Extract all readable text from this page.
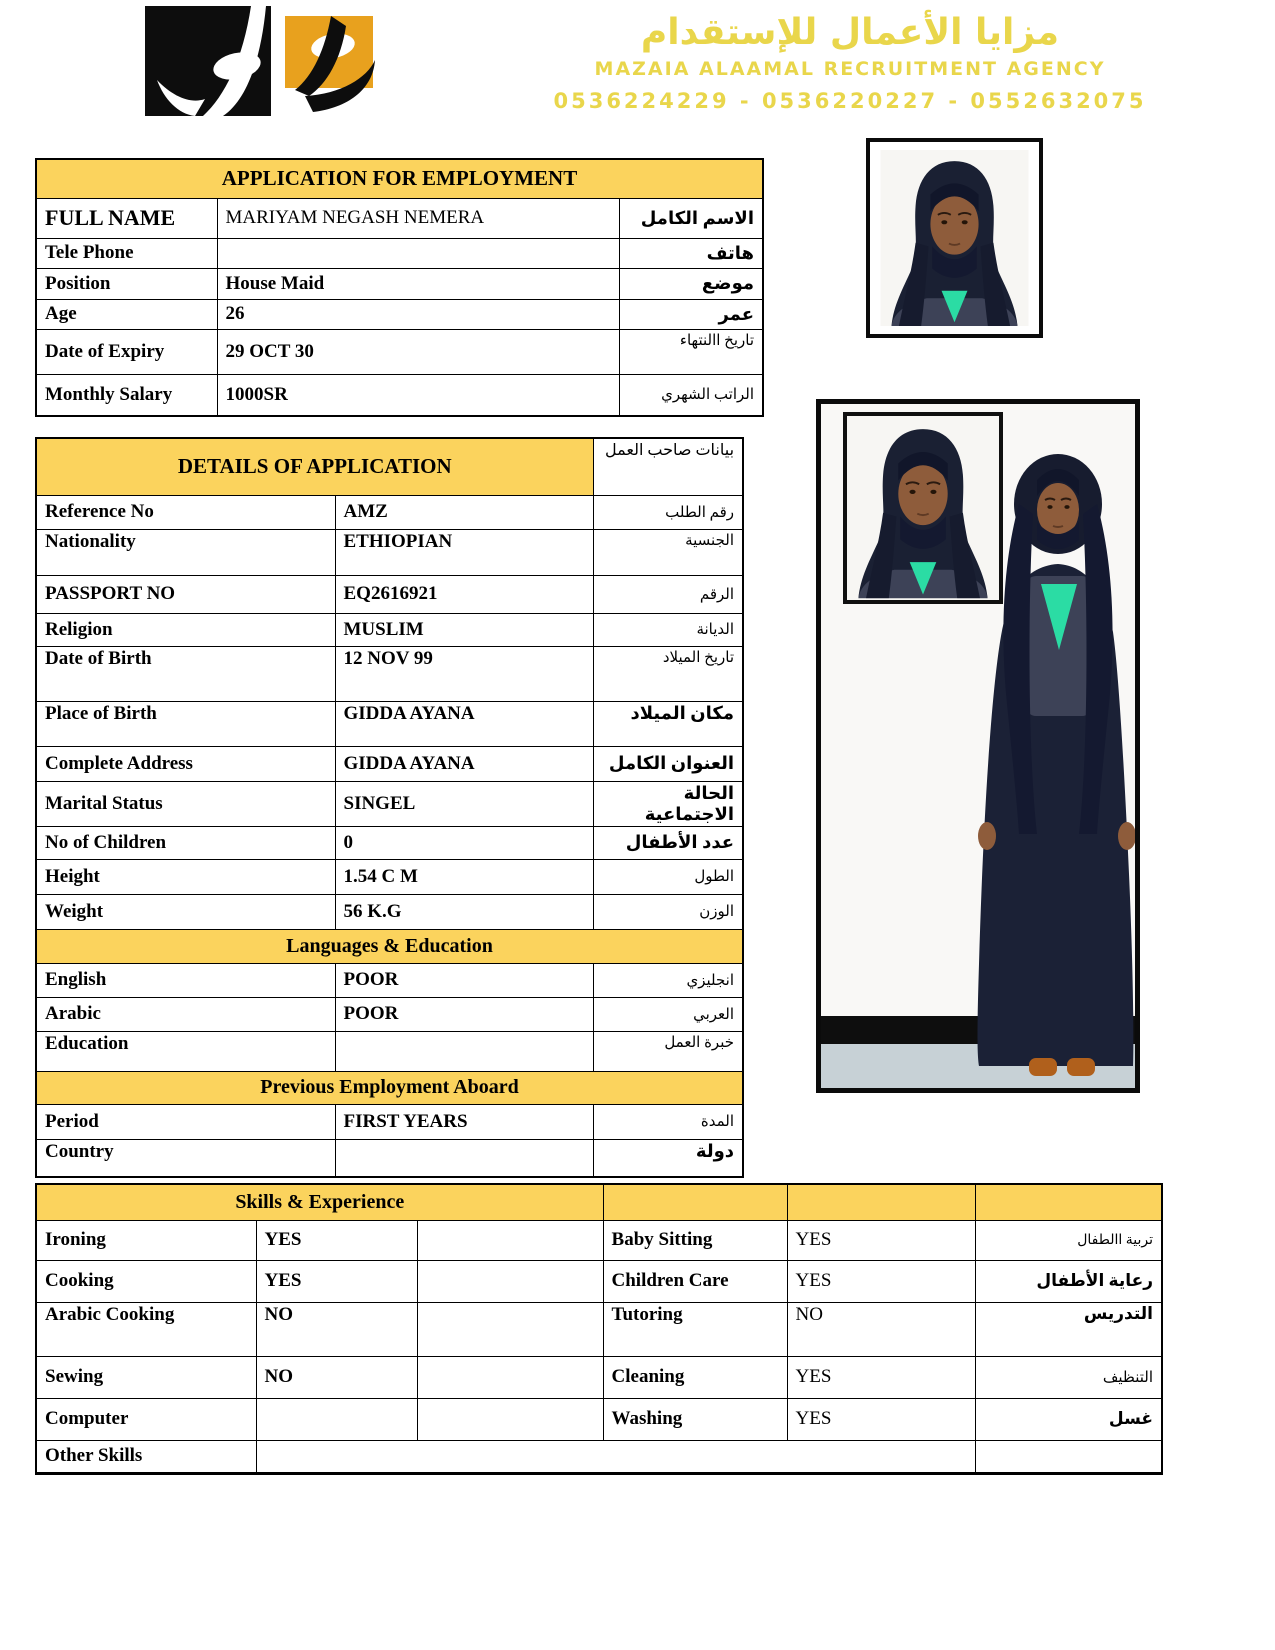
مزايا الأعمال للإستقدام
MAZAIA ALAAMAL RECRUITMENT AGENCY
0536224229 - 0536220227 - 0552632075
APPLICATION FOR EMPLOYMENT		
FULL NAME	MARIYAM NEGASH NEMERA	الاسم الكامل
Tele Phone		هاتف
Position	House Maid	موضع
Age	26	عمر
Date of Expiry	29 OCT 30	تاريخ االنتهاء
Monthly Salary	1000SR	الراتب الشهري
DETAILS OF APPLICATION		بيانات صاحب العمل
Reference No	AMZ	رقم الطلب
Nationality	ETHIOPIAN	الجنسية
PASSPORT NO	EQ2616921	الرقم
Religion	MUSLIM	الديانة
Date of Birth	12 NOV 99	تاريخ الميلاد
Place of Birth	GIDDA AYANA	مكان الميلاد
Complete Address	GIDDA AYANA	العنوان الكامل
Marital Status	SINGEL	الحالة الاجتماعية
No of Children	0	عدد الأطفال
Height	1.54 C M	الطول
Weight	56 K.G	الوزن
Languages & Education		
English	POOR	انجليزي
Arabic	POOR	العربي
Education		خبرة العمل
Previous Employment Aboard		
Period	FIRST YEARS	المدة
Country		دولة
Skills & Experience					
Ironing	YES		Baby Sitting	YES	تربية االطفال
Cooking	YES		Children Care	YES	رعاية الأطفال
Arabic Cooking	NO		Tutoring	NO	التدريس
Sewing	NO		Cleaning	YES	التنظيف
Computer			Washing	YES	غسل
Other Skills					
